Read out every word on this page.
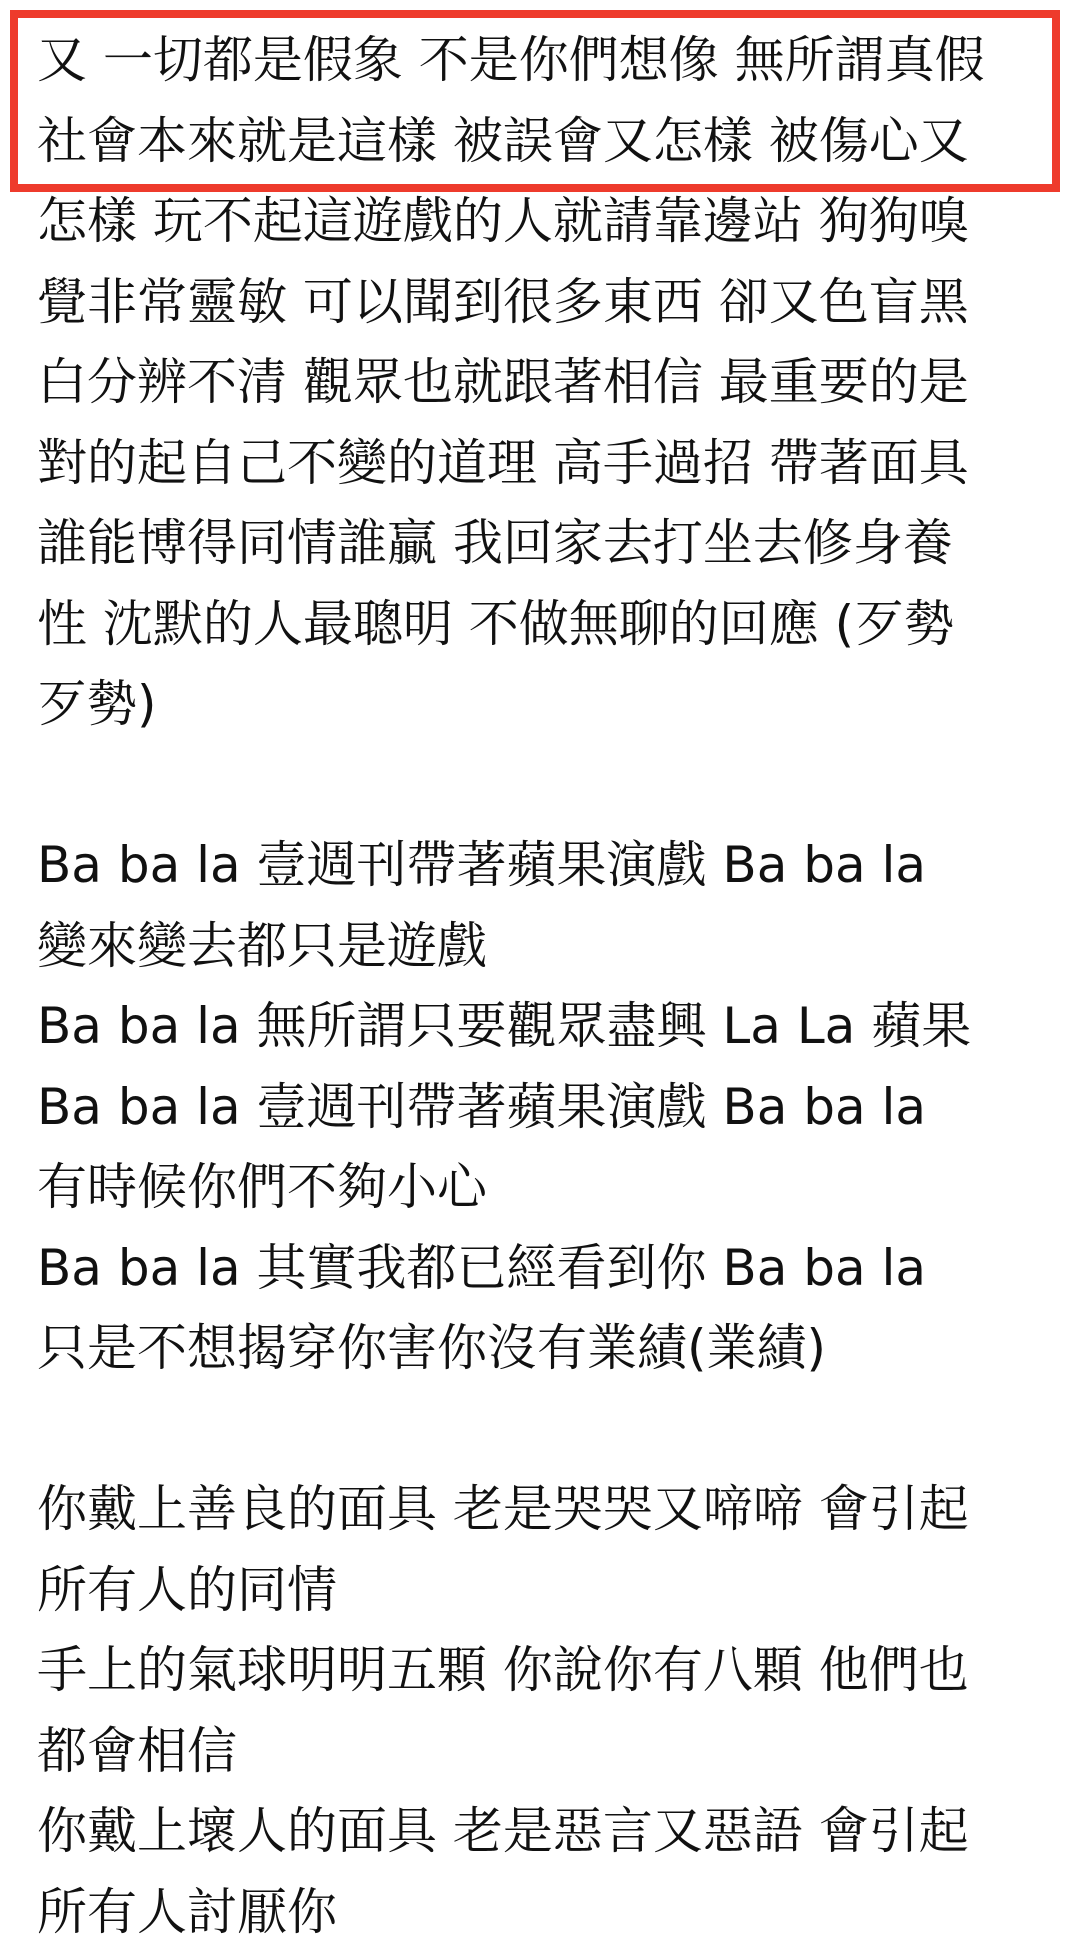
又 一切都是假象 不是你們想像 無所謂真假
社會本來就是這樣 被誤會又怎樣 被傷心又
怎樣 玩不起這遊戲的人就請靠邊站 狗狗嗅
覺非常靈敏 可以聞到很多東西 卻又色盲黑
白分辨不清 觀眾也就跟著相信 最重要的是
對的起自己不變的道理 高手過招 帶著面具
誰能博得同情誰贏 我回家去打坐去修身養
性 沈默的人最聰明 不做無聊的回應 (歹勢
歹勢)
Ba ba la 壹週刊帶著蘋果演戲 Ba ba la
變來變去都只是遊戲
Ba ba la 無所謂只要觀眾盡興 La La 蘋果
Ba ba la 壹週刊帶著蘋果演戲 Ba ba la
有時候你們不夠小心
Ba ba la 其實我都已經看到你 Ba ba la
只是不想揭穿你害你沒有業績(業績)
你戴上善良的面具 老是哭哭又啼啼 會引起
所有人的同情
手上的氣球明明五顆 你說你有八顆 他們也
都會相信
你戴上壞人的面具 老是惡言又惡語 會引起
所有人討厭你
